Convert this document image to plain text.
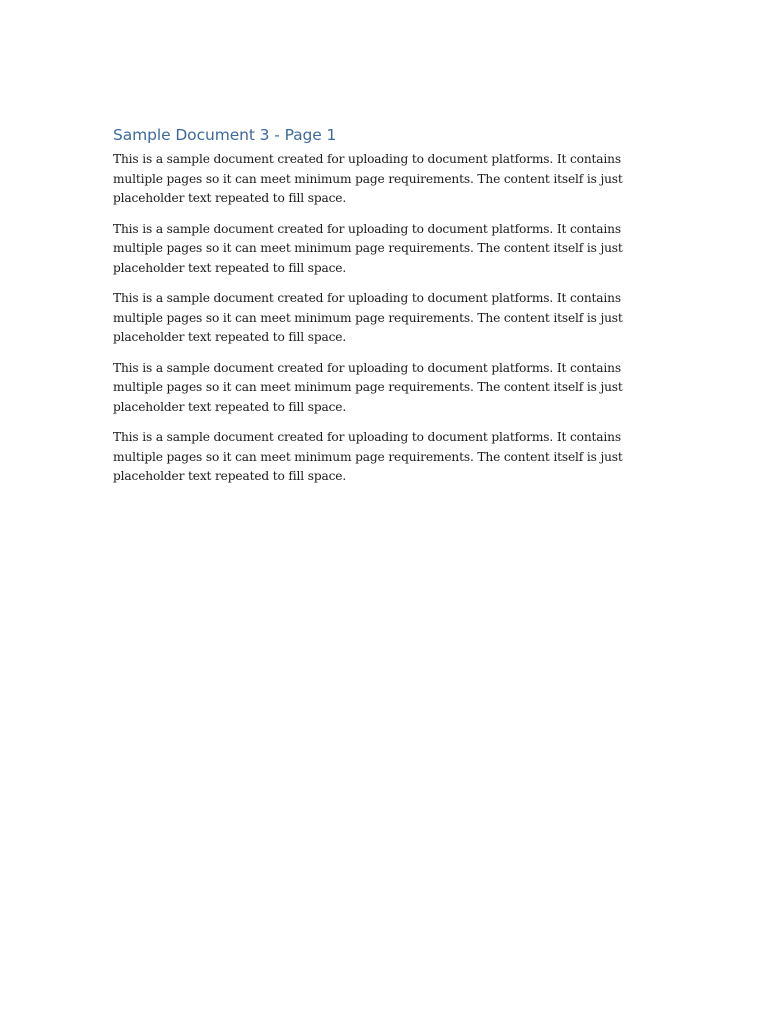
Sample Document 3 - Page 1

This is a sample document created for uploading to document platforms. It contains multiple pages so it can meet minimum page requirements. The content itself is just placeholder text repeated to fill space.

This is a sample document created for uploading to document platforms. It contains multiple pages so it can meet minimum page requirements. The content itself is just placeholder text repeated to fill space.

This is a sample document created for uploading to document platforms. It contains multiple pages so it can meet minimum page requirements. The content itself is just placeholder text repeated to fill space.

This is a sample document created for uploading to document platforms. It contains multiple pages so it can meet minimum page requirements. The content itself is just placeholder text repeated to fill space.

This is a sample document created for uploading to document platforms. It contains multiple pages so it can meet minimum page requirements. The content itself is just placeholder text repeated to fill space.
